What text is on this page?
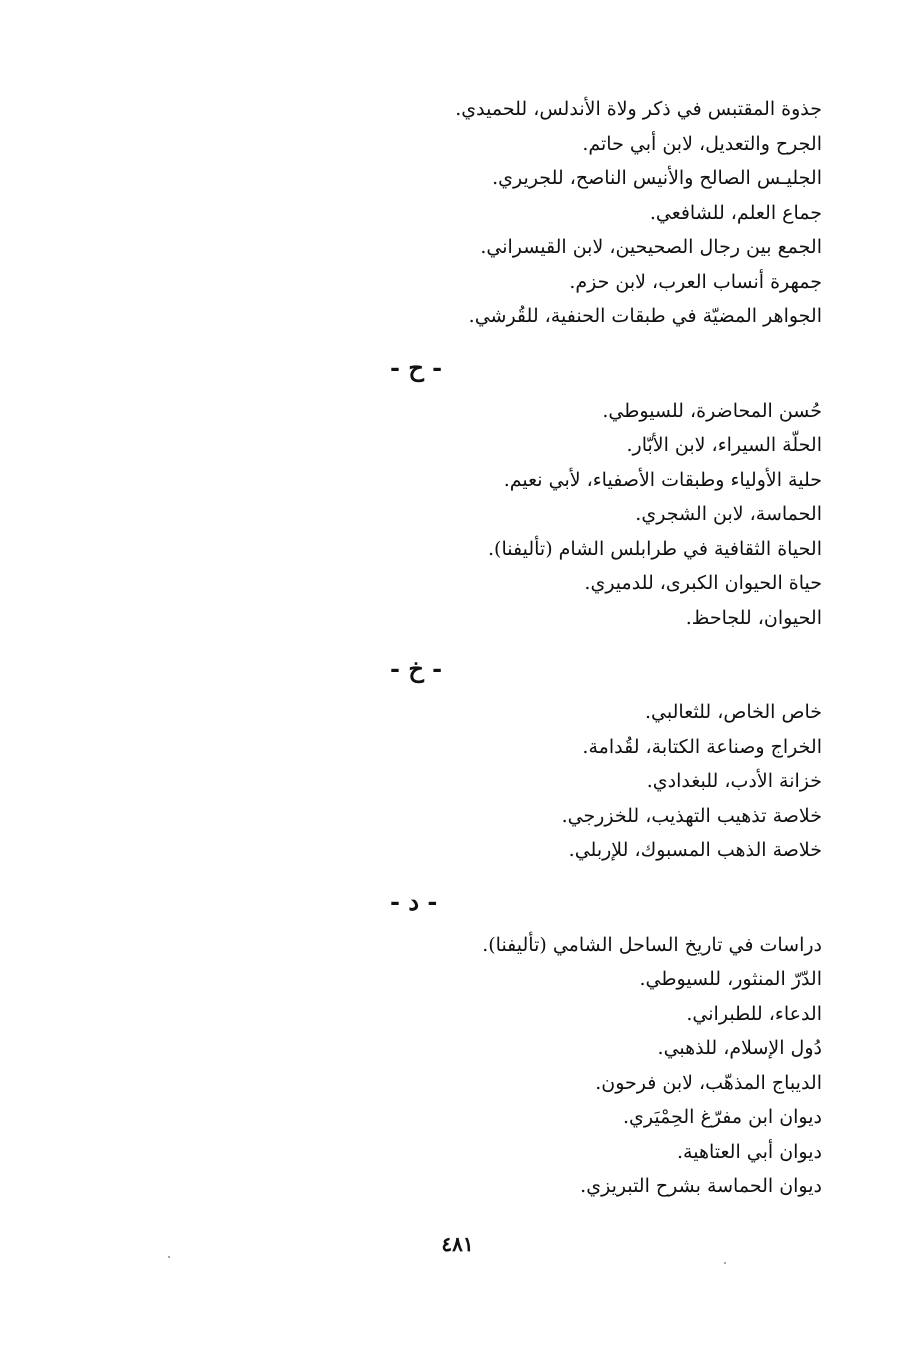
جذوة المقتبس في ذكر ولاة الأندلس، للحميدي.
الجرح والتعديل، لابن أبي حاتم.
الجليـس الصالح والأنيس الناصح، للجريري.
جماع العلم، للشافعي.
الجمع بين رجال الصحيحين، لابن القيسراني.
جمهرة أنساب العرب، لابن حزم.
الجواهر المضيّة في طبقات الحنفية، للقُرشي.
- ح -
حُسن المحاضرة، للسيوطي.
الحلّة السيراء، لابن الأبّار.
حلية الأولياء وطبقات الأصفياء، لأبي نعيم.
الحماسة، لابن الشجري.
الحياة الثقافية في طرابلس الشام (تأليفنا).
حياة الحيوان الكبرى، للدميري.
الحيوان، للجاحظ.
- خ -
خاص الخاص، للثعالبي.
الخراج وصناعة الكتابة، لقُدامة.
خزانة الأدب، للبغدادي.
خلاصة تذهيب التهذيب، للخزرجي.
خلاصة الذهب المسبوك، للإربلي.
- د -
دراسات في تاريخ الساحل الشامي (تأليفنا).
الدّرّ المنثور، للسيوطي.
الدعاء، للطبراني.
دُول الإسلام، للذهبي.
الديباج المذهّب، لابن فرحون.
ديوان ابن مفرّغ الحِمْيَري.
ديوان أبي العتاهية.
ديوان الحماسة بشرح التبريزي.
٤٨١
